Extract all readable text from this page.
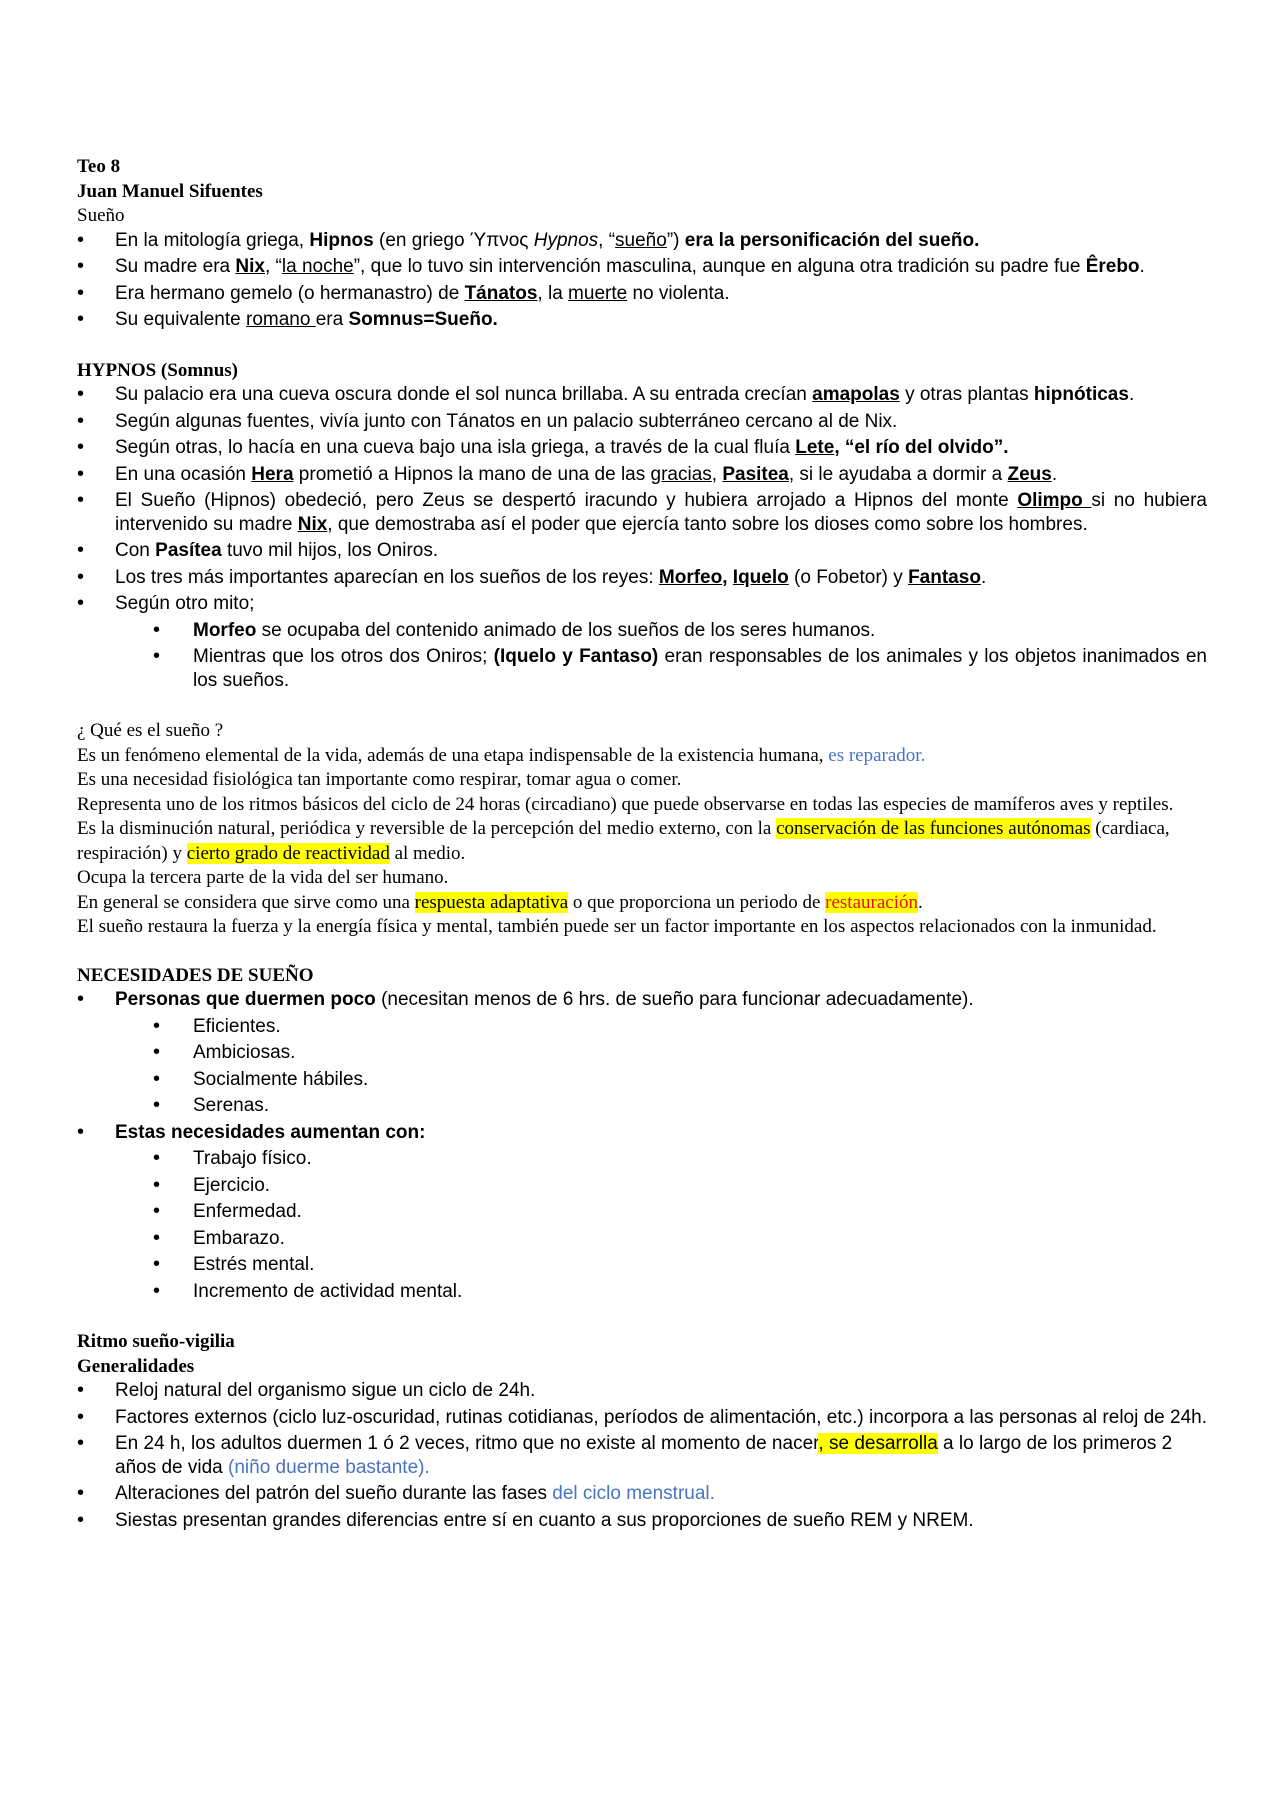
Teo 8
Juan Manuel Sifuentes
Sueño
• En la mitología griega, Hipnos (en griego Ύπνος Hypnos, “sueño”) era la personificación del sueño.
• Su madre era Nix, “la noche”, que lo tuvo sin intervención masculina, aunque en alguna otra tradición su padre fue Êrebo.
• Era hermano gemelo (o hermanastro) de Tánatos, la muerte no violenta.
• Su equivalente romano era Somnus=Sueño.
HYPNOS (Somnus)
• Su palacio era una cueva oscura donde el sol nunca brillaba. A su entrada crecían amapolas y otras plantas hipnóticas.
• Según algunas fuentes, vivía junto con Tánatos en un palacio subterráneo cercano al de Nix.
• Según otras, lo hacía en una cueva bajo una isla griega, a través de la cual fluía Lete, “el río del olvido”.
• En una ocasión Hera prometió a Hipnos la mano de una de las gracias, Pasitea, si le ayudaba a dormir a Zeus.
• El Sueño (Hipnos) obedeció, pero Zeus se despertó iracundo y hubiera arrojado a Hipnos del monte Olimpo si no hubiera intervenido su madre Nix, que demostraba así el poder que ejercía tanto sobre los dioses como sobre los hombres.
• Con Pasítea tuvo mil hijos, los Oniros.
• Los tres más importantes aparecían en los sueños de los reyes: Morfeo, Iquelo (o Fobetor) y Fantaso.
• Según otro mito;
• Morfeo se ocupaba del contenido animado de los sueños de los seres humanos.
• Mientras que los otros dos Oniros; (Iquelo y Fantaso) eran responsables de los animales y los objetos inanimados en los sueños.
¿ Qué es el sueño ?
Es un fenómeno elemental de la vida, además de una etapa indispensable de la existencia humana, es reparador.
Es una necesidad fisiológica tan importante como respirar, tomar agua o comer.
Representa uno de los ritmos básicos del ciclo de 24 horas (circadiano) que puede observarse en todas las especies de mamíferos aves y reptiles.
Es la disminución natural, periódica y reversible de la percepción del medio externo, con la conservación de las funciones autónomas (cardiaca, respiración) y cierto grado de reactividad al medio.
Ocupa la tercera parte de la vida del ser humano.
En general se considera que sirve como una respuesta adaptativa o que proporciona un periodo de restauración.
El sueño restaura la fuerza y la energía física y mental, también puede ser un factor importante en los aspectos relacionados con la inmunidad.
NECESIDADES DE SUEÑO
• Personas que duermen poco (necesitan menos de 6 hrs. de sueño para funcionar adecuadamente).
• Eficientes.
• Ambiciosas.
• Socialmente hábiles.
• Serenas.
• Estas necesidades aumentan con:
• Trabajo físico.
• Ejercicio.
• Enfermedad.
• Embarazo.
• Estrés mental.
• Incremento de actividad mental.
Ritmo sueño-vigilia
Generalidades
• Reloj natural del organismo sigue un ciclo de 24h.
• Factores externos (ciclo luz-oscuridad, rutinas cotidianas, períodos de alimentación, etc.) incorpora a las personas al reloj de 24h.
• En 24 h, los adultos duermen 1 ó 2 veces, ritmo que no existe al momento de nacer, se desarrolla a lo largo de los primeros 2 años de vida (niño duerme bastante).
• Alteraciones del patrón del sueño durante las fases del ciclo menstrual.
• Siestas presentan grandes diferencias entre sí en cuanto a sus proporciones de sueño REM y NREM.
